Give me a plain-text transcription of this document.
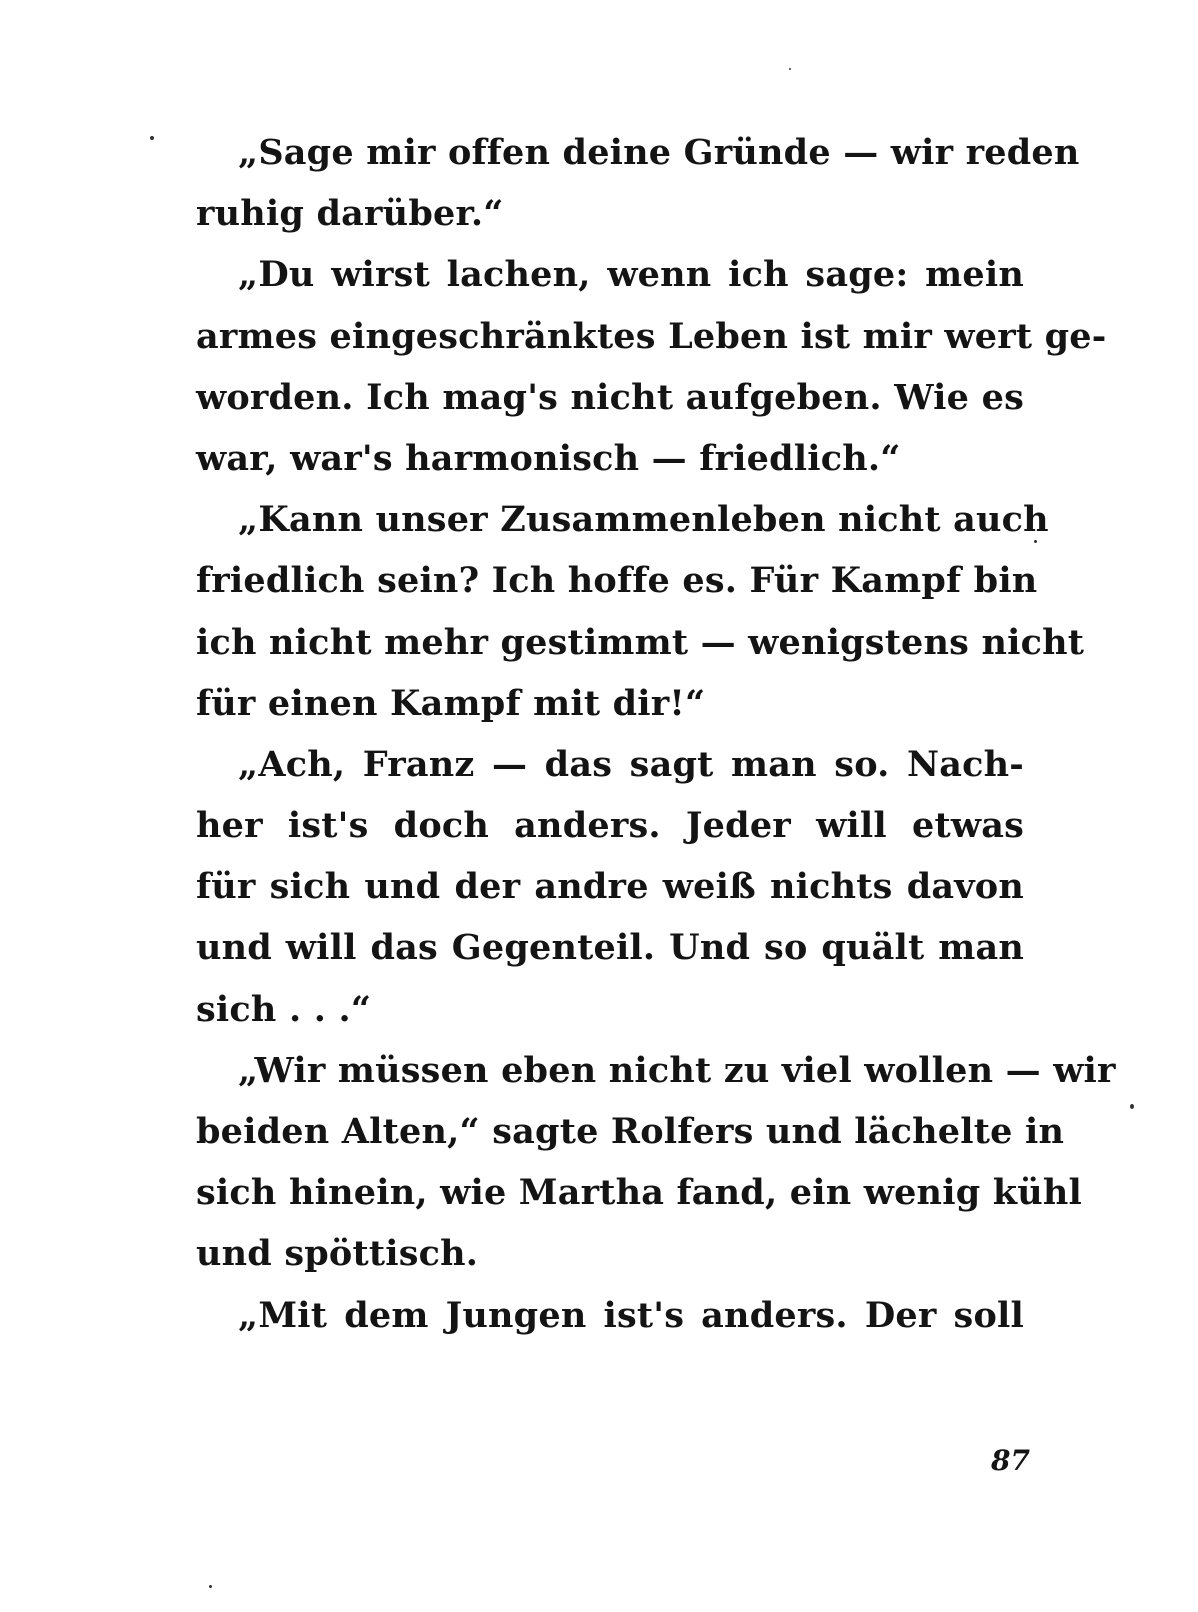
„Sage mir offen deine Gründe — wir reden
ruhig darüber.“
„Du wirst lachen, wenn ich sage: mein
armes eingeschränktes Leben ist mir wert ge-
worden. Ich mag's nicht aufgeben. Wie es
war, war's harmonisch — friedlich.“
„Kann unser Zusammenleben nicht auch
friedlich sein? Ich hoffe es. Für Kampf bin
ich nicht mehr gestimmt — wenigstens nicht
für einen Kampf mit dir!“
„Ach, Franz — das sagt man so. Nach-
her ist's doch anders. Jeder will etwas
für sich und der andre weiß nichts davon
und will das Gegenteil. Und so quält man
sich . . .“
„Wir müssen eben nicht zu viel wollen — wir
beiden Alten,“ sagte Rolfers und lächelte in
sich hinein, wie Martha fand, ein wenig kühl
und spöttisch.
„Mit dem Jungen ist's anders. Der soll
87
